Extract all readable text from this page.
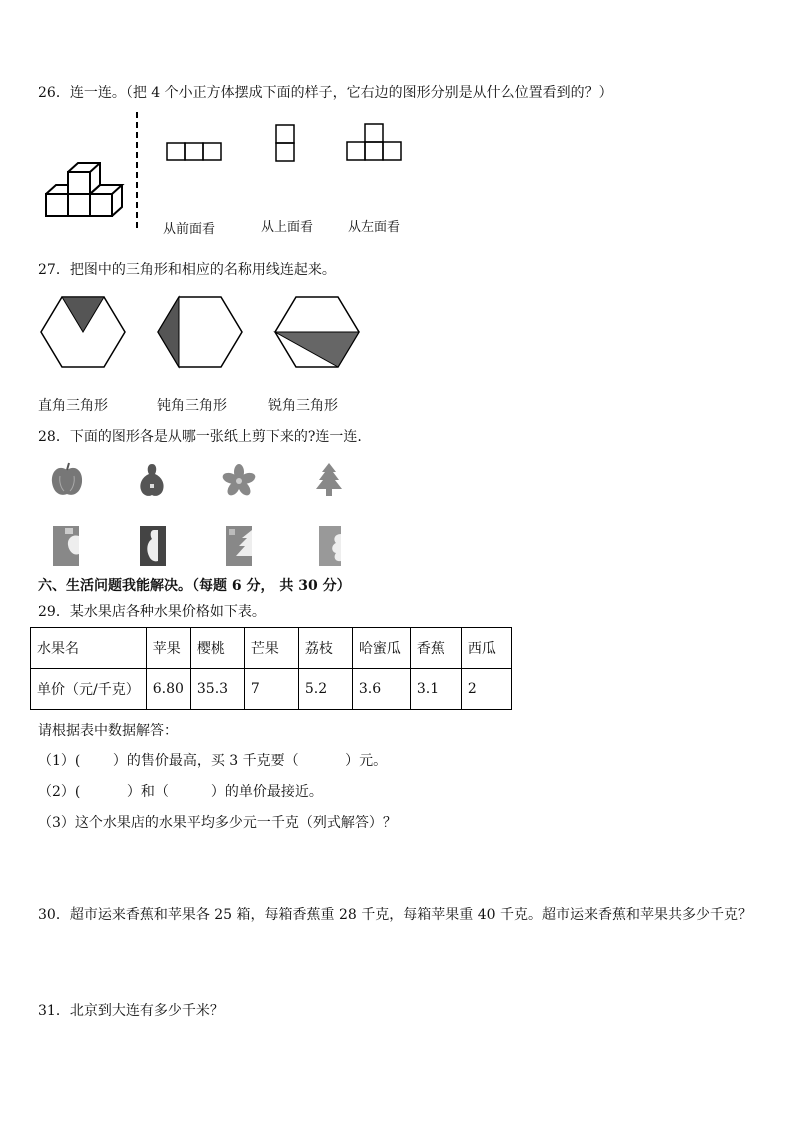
26．连一连。（把 4 个小正方体摆成下面的样子，它右边的图形分别是从什么位置看到的？）
从前面看	从上面看	从左面看
27．把图中的三角形和相应的名称用线连起来。
直角三角形	钝角三角形	锐角三角形
28．下面的图形各是从哪一张纸上剪下来的?连一连.
六、生活问题我能解决。（每题 6 分， 共 30 分）
29．某水果店各种水果价格如下表。
水果名	苹果	樱桃	芒果	荔枝	哈蜜瓜	香蕉	西瓜
单价（元/千克）	6.80	35.3	7	5.2	3.6	3.1	2
请根据表中数据解答：
（1）(　　 ）的售价最高，买 3 千克要（　　　 ）元。
（2）(　　　 ）和（　　　）的单价最接近。
（3）这个水果店的水果平均多少元一千克（列式解答）？
30．超市运来香蕉和苹果各 25 箱，每箱香蕉重 28 千克，每箱苹果重 40 千克。超市运来香蕉和苹果共多少千克？
31．北京到大连有多少千米？
